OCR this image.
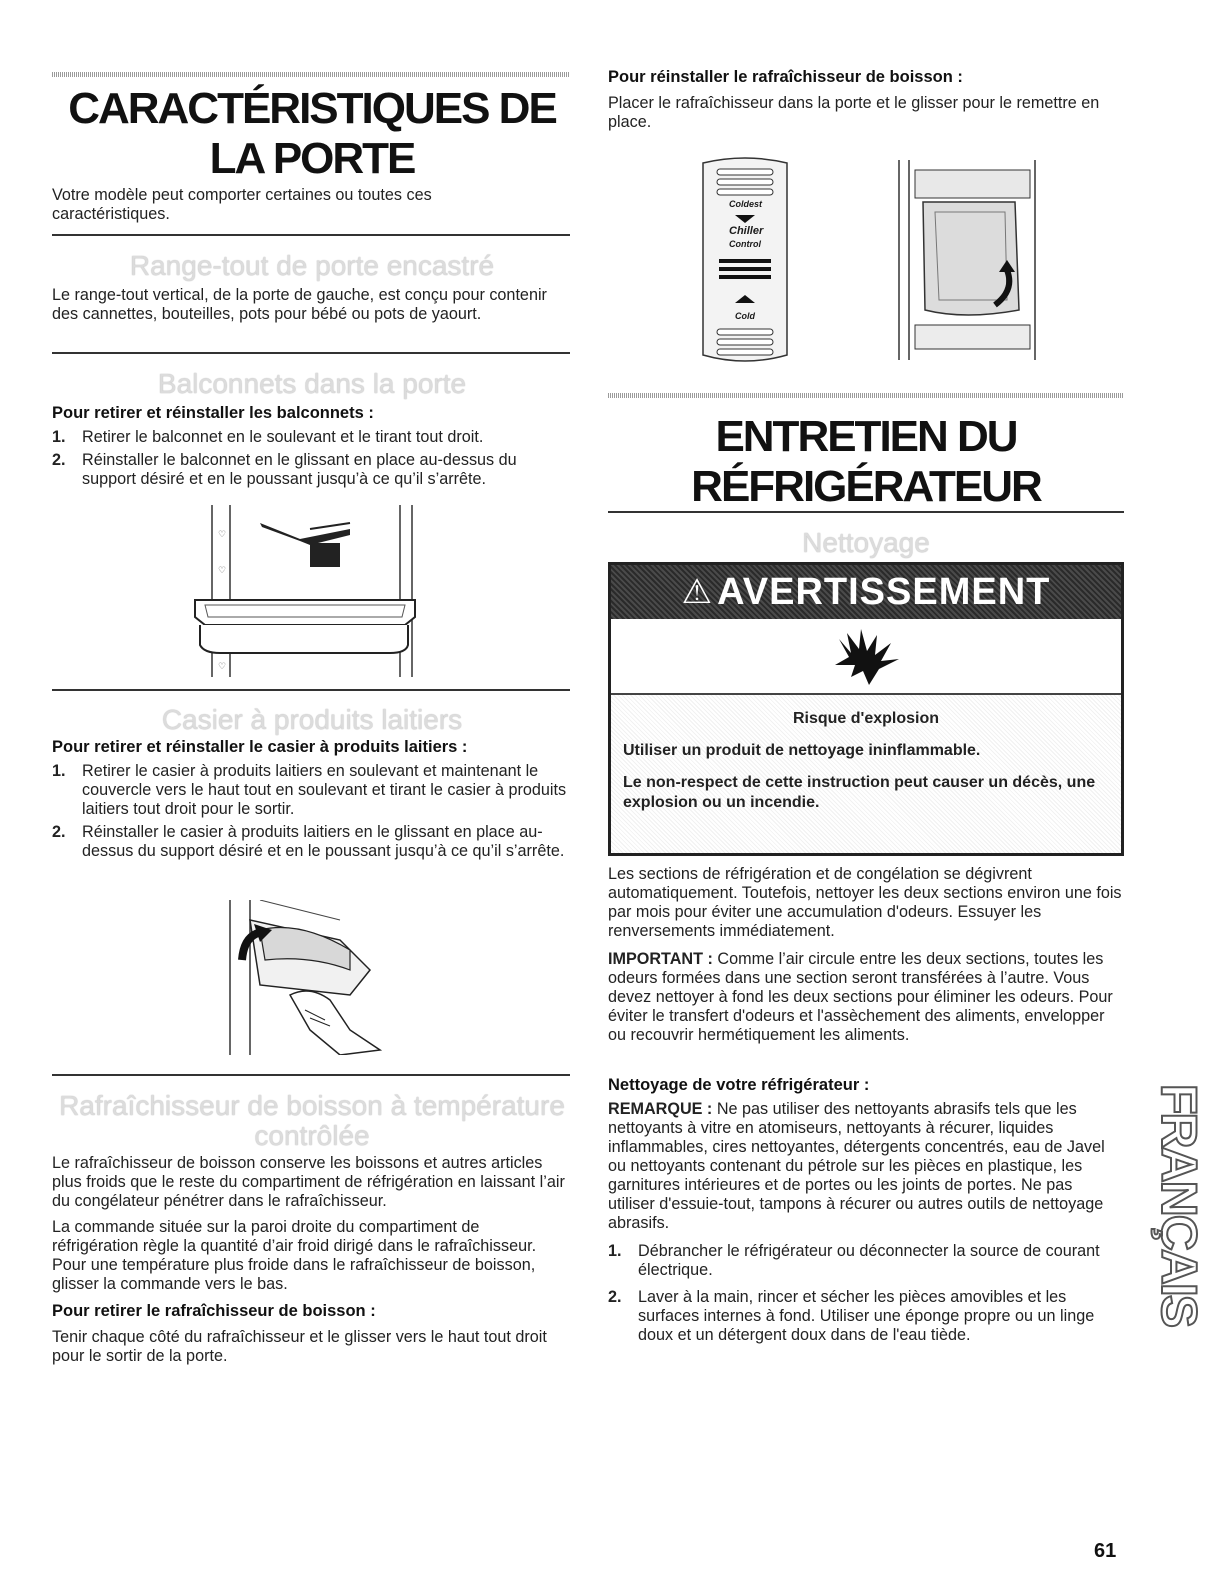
CARACTÉRISTIQUES DE
LA PORTE

Votre modèle peut comporter certaines ou toutes ces caractéristiques.

Range-tout de porte encastré

Le range-tout vertical, de la porte de gauche, est conçu pour contenir des cannettes, bouteilles, pots pour bébé ou pots de yaourt.

Balconnets dans la porte

Pour retirer et réinstaller les balconnets :

1. Retirer le balconnet en le soulevant et le tirant tout droit.
2. Réinstaller le balconnet en le glissant en place au-dessus du support désiré et en le poussant jusqu’à ce qu’il s’arrête.
♡
♡
♡
Casier à produits laitiers

Pour retirer et réinstaller le casier à produits laitiers :

1. Retirer le casier à produits laitiers en soulevant et maintenant le couvercle vers le haut tout en soulevant et tirant le casier à produits laitiers tout droit pour le sortir.
2. Réinstaller le casier à produits laitiers en le glissant en place au-dessus du support désiré et en le poussant jusqu’à ce qu’il s’arrête.
Rafraîchisseur de boisson à température
contrôlée

Le rafraîchisseur de boisson conserve les boissons et autres articles plus froids que le reste du compartiment de réfrigération en laissant l’air du congélateur pénétrer dans le rafraîchisseur.

La commande située sur la paroi droite du compartiment de réfrigération règle la quantité d’air froid dirigé dans le rafraîchisseur. Pour une température plus froide dans le rafraîchisseur de boisson, glisser la commande vers le bas.

Pour retirer le rafraîchisseur de boisson :

Tenir chaque côté du rafraîchisseur et le glisser vers le haut tout droit pour le sortir de la porte.

Pour réinstaller le rafraîchisseur de boisson :

Placer le rafraîchisseur dans la porte et le glisser pour le remettre en place.

Coldest
Chiller
Control
Cold
ENTRETIEN DU
RÉFRIGÉRATEUR
Nettoyage
⚠ AVERTISSEMENT
Risque d'explosion
Utiliser un produit de nettoyage ininflammable.
Le non-respect de cette instruction peut causer un décès, une explosion ou un incendie.

Les sections de réfrigération et de congélation se dégivrent automatiquement. Toutefois, nettoyer les deux sections environ une fois par mois pour éviter une accumulation d'odeurs. Essuyer les renversements immédiatement.

IMPORTANT : Comme l’air circule entre les deux sections, toutes les odeurs formées dans une section seront transférées à l’autre. Vous devez nettoyer à fond les deux sections pour éliminer les odeurs. Pour éviter le transfert d'odeurs et l'assèchement des aliments, envelopper ou recouvrir hermétiquement les aliments.

Nettoyage de votre réfrigérateur :

REMARQUE : Ne pas utiliser des nettoyants abrasifs tels que les nettoyants à vitre en atomiseurs, nettoyants à récurer, liquides inflammables, cires nettoyantes, détergents concentrés, eau de Javel ou nettoyants contenant du pétrole sur les pièces en plastique, les garnitures intérieures et de portes ou les joints de portes. Ne pas utiliser d'essuie-tout, tampons à récurer ou autres outils de nettoyage abrasifs.

1. Débrancher le réfrigérateur ou déconnecter la source de courant électrique.
2. Laver à la main, rincer et sécher les pièces amovibles et les surfaces internes à fond. Utiliser une éponge propre ou un linge doux et un détergent doux dans de l'eau tiède.
FRANÇAIS
61
